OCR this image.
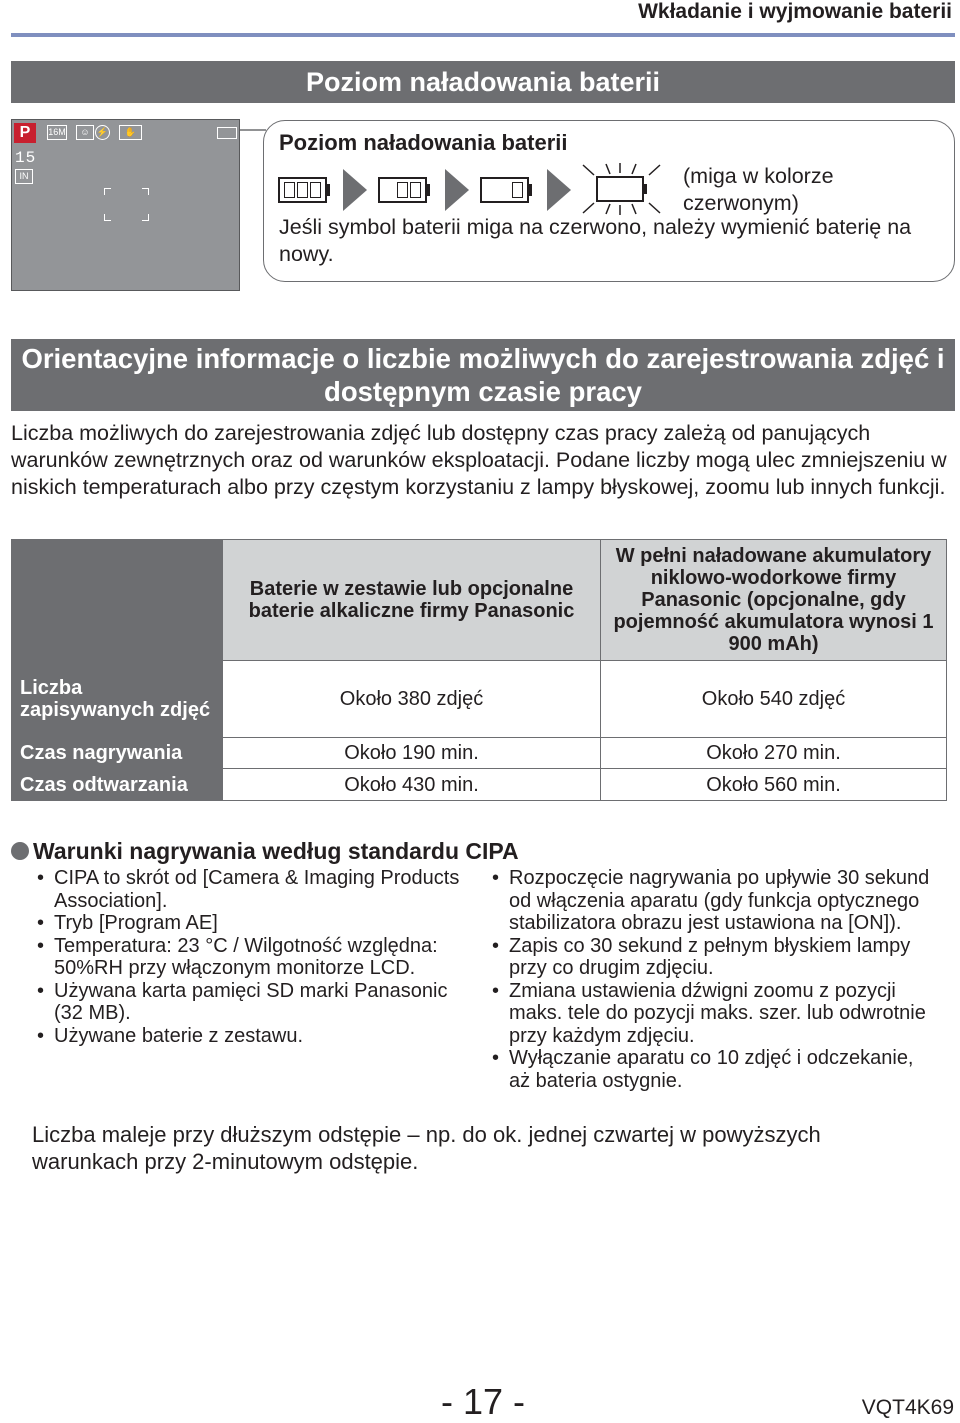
Wkładanie i wyjmowanie baterii
Poziom naładowania baterii
P	16M	☺ ⚡	✋
15
IN
Poziom naładowania baterii
(miga w kolorze czerwonym)
Jeśli symbol baterii miga na czerwono, należy wymienić baterię na nowy.
Orientacyjne informacje o liczbie możliwych do zarejestrowania zdjęć i dostępnym czasie pracy
Liczba możliwych do zarejestrowania zdjęć lub dostępny czas pracy zależą od panujących warunków zewnętrznych oraz od warunków eksploatacji. Podane liczby mogą ulec zmniejszeniu w niskich temperaturach albo przy częstym korzystaniu z lampy błyskowej, zoomu lub innych funkcji.
	Baterie w zestawie lub opcjonalne baterie alkaliczne firmy Panasonic	W pełni naładowane akumulatory niklowo-wodorkowe firmy Panasonic (opcjonalne, gdy pojemność akumulatora wynosi 1 900 mAh)
Liczba zapisywanych zdjęć	Około 380 zdjęć	Około 540 zdjęć
Czas nagrywania	Około 190 min.	Około 270 min.
Czas odtwarzania	Około 430 min.	Około 560 min.
Warunki nagrywania według standardu CIPA
• CIPA to skrót od [Camera & Imaging Products Association].
• Tryb [Program AE]
• Temperatura: 23 °C / Wilgotność względna: 50%RH przy włączonym monitorze LCD.
• Używana karta pamięci SD marki Panasonic (32 MB).
• Używane baterie z zestawu.
• Rozpoczęcie nagrywania po upływie 30 sekund od włączenia aparatu (gdy funkcja optycznego stabilizatora obrazu jest ustawiona na [ON]).
• Zapis co 30 sekund z pełnym błyskiem lampy przy co drugim zdjęciu.
• Zmiana ustawienia dźwigni zoomu z pozycji maks. tele do pozycji maks. szer. lub odwrotnie przy każdym zdjęciu.
• Wyłączanie aparatu co 10 zdjęć i odczekanie, aż bateria ostygnie.
Liczba maleje przy dłuższym odstępie – np. do ok. jednej czwartej w powyższych warunkach przy 2-minutowym odstępie.
- 17 -	VQT4K69
